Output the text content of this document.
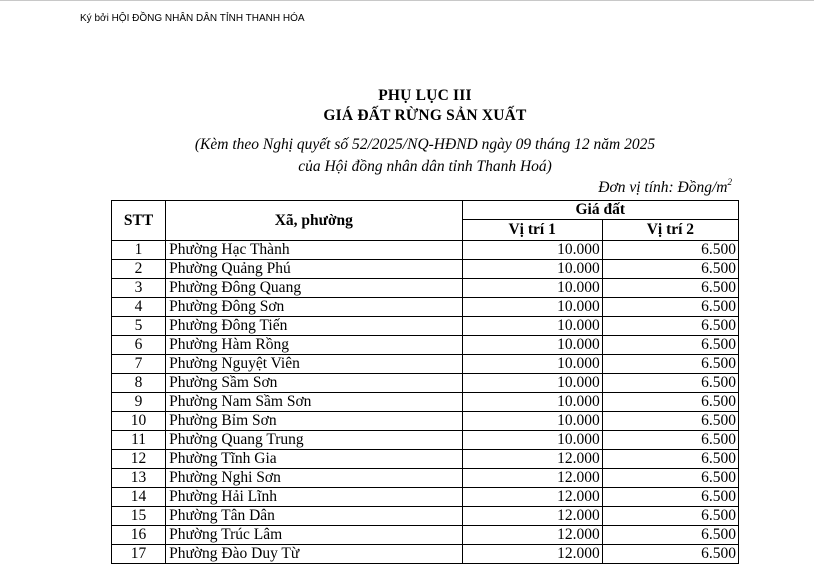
Ký bởi HỘI ĐỒNG NHÂN DÂN TỈNH THANH HÓA
PHỤ LỤC III
GIÁ ĐẤT RỪNG SẢN XUẤT
(Kèm theo Nghị quyết số 52/2025/NQ-HĐND ngày 09 tháng 12 năm 2025
của Hội đồng nhân dân tỉnh Thanh Hoá)
Đơn vị tính: Đồng/$m^2$
STT	Xã, phường	Giá đất	
		Vị trí 1	Vị trí 2
1	Phường Hạc Thành	10.000	6.500
2	Phường Quảng Phú	10.000	6.500
3	Phường Đông Quang	10.000	6.500
4	Phường Đông Sơn	10.000	6.500
5	Phường Đông Tiến	10.000	6.500
6	Phường Hàm Rồng	10.000	6.500
7	Phường Nguyệt Viên	10.000	6.500
8	Phường Sầm Sơn	10.000	6.500
9	Phường Nam Sầm Sơn	10.000	6.500
10	Phường Bỉm Sơn	10.000	6.500
11	Phường Quang Trung	10.000	6.500
12	Phường Tĩnh Gia	12.000	6.500
13	Phường Nghi Sơn	12.000	6.500
14	Phường Hải Lĩnh	12.000	6.500
15	Phường Tân Dân	12.000	6.500
16	Phường Trúc Lâm	12.000	6.500
17	Phường Đào Duy Từ	12.000	6.500
